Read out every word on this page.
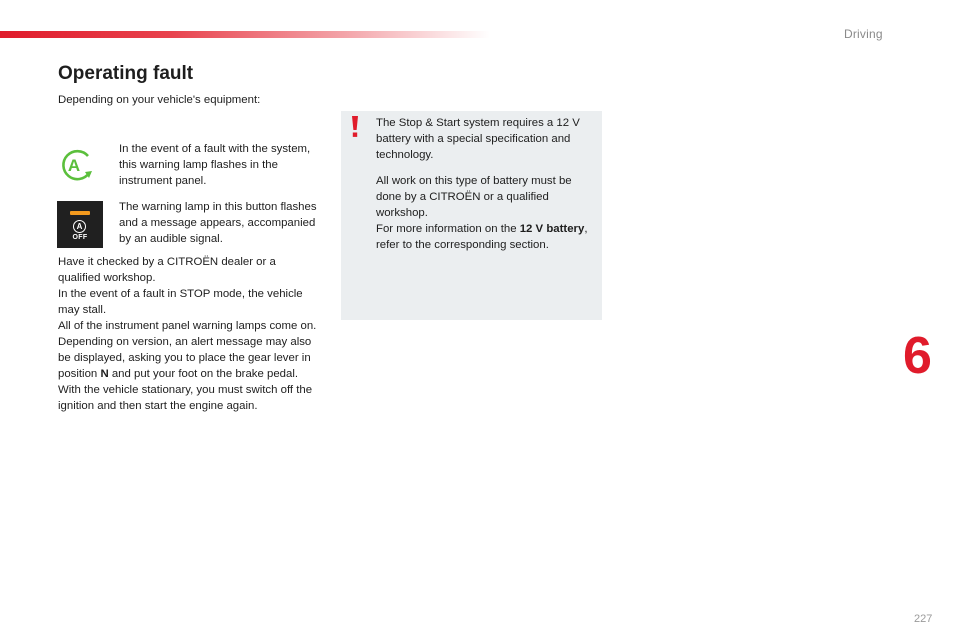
Driving
Operating fault
Depending on your vehicle's equipment:
A
In the event of a fault with the system, this warning lamp flashes in the instrument panel.
A
OFF
The warning lamp in this button flashes and a message appears, accompanied by an audible signal.

Have it checked by a CITROËN dealer or a qualified workshop.

In the event of a fault in STOP mode, the vehicle may stall.

All of the instrument panel warning lamps come on.

Depending on version, an alert message may also be displayed, asking you to place the gear lever in position N and put your foot on the brake pedal.

With the vehicle stationary, you must switch off the ignition and then start the engine again.

The Stop & Start system requires a 12 V battery with a special specification and technology.

All work on this type of battery must be done by a CITROËN or a qualified workshop.

For more information on the 12 V battery, refer to the corresponding section.

6
227
